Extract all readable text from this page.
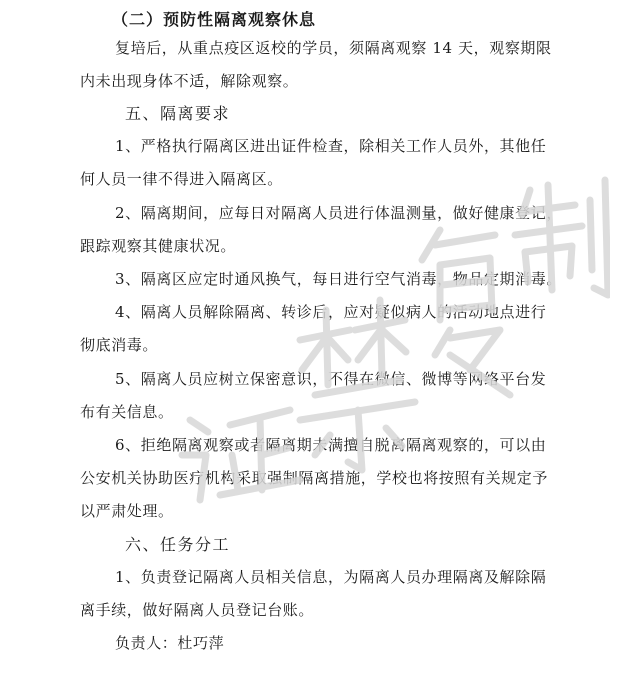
（二）预防性隔离观察休息
复培后，从重点疫区返校的学员，须隔离观察 14 天，观察期限
内未出现身体不适，解除观察。
五、隔离要求
1、严格执行隔离区进出证件检查，除相关工作人员外，其他任
何人员一律不得进入隔离区。
2、隔离期间，应每日对隔离人员进行体温测量，做好健康登记，
跟踪观察其健康状况。
3、隔离区应定时通风换气，每日进行空气消毒，物品定期消毒。
4、隔离人员解除隔离、转诊后，应对疑似病人的活动地点进行
彻底消毒。
5、隔离人员应树立保密意识，不得在微信、微博等网络平台发
布有关信息。
6、拒绝隔离观察或者隔离期未满擅自脱离隔离观察的，可以由
公安机关协助医疗机构采取强制隔离措施，学校也将按照有关规定予
以严肃处理。
六、任务分工
1、负责登记隔离人员相关信息，为隔离人员办理隔离及解除隔
离手续，做好隔离人员登记台账。
负责人：杜巧萍
